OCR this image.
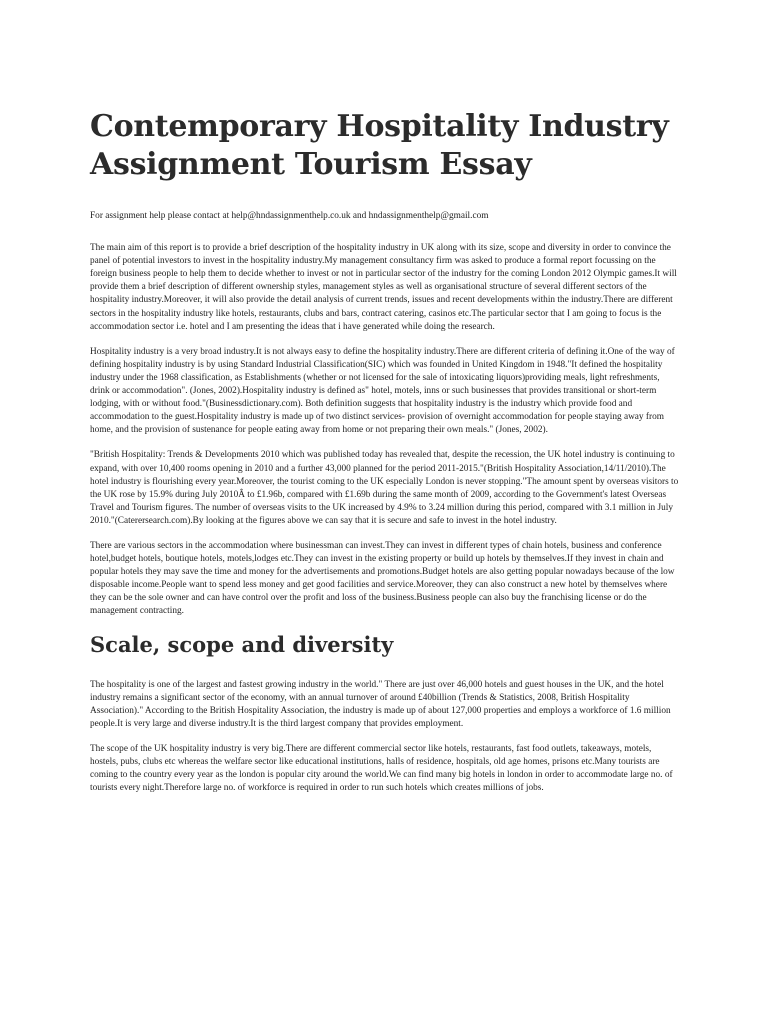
Contemporary Hospitality Industry Assignment Tourism Essay

For assignment help please contact at help@hndassignmenthelp.co.uk and hndassignmenthelp@gmail.com

The main aim of this report is to provide a brief description of the hospitality industry in UK along with its size, scope and diversity in order to convince the panel of potential investors to invest in the hospitality industry.My management consultancy firm was asked to produce a formal report focussing on the foreign business people to help them to decide whether to invest or not in particular sector of the industry for the coming London 2012 Olympic games.It will provide them a brief description of different ownership styles, management styles as well as organisational structure of several different sectors of the hospitality industry.Moreover, it will also provide the detail analysis of current trends, issues and recent developments within the industry.There are different sectors in the hospitality industry like hotels, restaurants, clubs and bars, contract catering, casinos etc.The particular sector that I am going to focus is the accommodation sector i.e. hotel and I am presenting the ideas that i have generated while doing the research.

Hospitality industry is a very broad industry.It is not always easy to define the hospitality industry.There are different criteria of defining it.One of the way of defining hospitality industry is by using Standard Industrial Classification(SIC) which was founded in United Kingdom in 1948."It defined the hospitality industry under the 1968 classification, as Establishments (whether or not licensed for the sale of intoxicating liquors)providing meals, light refreshments, drink or accommodation". (Jones, 2002).Hospitality industry is defined as" hotel, motels, inns or such businesses that provides transitional or short-term lodging, with or without food."(Businessdictionary.com). Both definition suggests that hospitality industry is the industry which provide food and accommodation to the guest.Hospitality industry is made up of two distinct services- provision of overnight accommodation for people staying away from home, and the provision of sustenance for people eating away from home or not preparing their own meals." (Jones, 2002).

"British Hospitality: Trends & Developments 2010 which was published today has revealed that, despite the recession, the UK hotel industry is continuing to expand, with over 10,400 rooms opening in 2010 and a further 43,000 planned for the period 2011-2015."(British Hospitality Association,14/11/2010).The hotel industry is flourishing every year.Moreover, the tourist coming to the UK especially London is never stopping."The amount spent by overseas visitors to the UK rose by 15.9% during July 2010Â to £1.96b, compared with £1.69b during the same month of 2009, according to the Government's latest Overseas Travel and Tourism figures. The number of overseas visits to the UK increased by 4.9% to 3.24 million during this period, compared with 3.1 million in July 2010."(Caterersearch.com).By looking at the figures above we can say that it is secure and safe to invest in the hotel industry.

There are various sectors in the accommodation where businessman can invest.They can invest in different types of chain hotels, business and conference hotel,budget hotels, boutique hotels, motels,lodges etc.They can invest in the existing property or build up hotels by themselves.If they invest in chain and popular hotels they may save the time and money for the advertisements and promotions.Budget hotels are also getting popular nowadays because of the low disposable income.People want to spend less money and get good facilities and service.Moreover, they can also construct a new hotel by themselves where they can be the sole owner and can have control over the profit and loss of the business.Business people can also buy the franchising license or do the management contracting.

Scale, scope and diversity

The hospitality is one of the largest and fastest growing industry in the world." There are just over 46,000 hotels and guest houses in the UK, and the hotel industry remains a significant sector of the economy, with an annual turnover of around £40billion (Trends & Statistics, 2008, British Hospitality Association)." According to the British Hospitality Association, the industry is made up of about 127,000 properties and employs a workforce of 1.6 million people.It is very large and diverse industry.It is the third largest company that provides employment.

The scope of the UK hospitality industry is very big.There are different commercial sector like hotels, restaurants, fast food outlets, takeaways, motels, hostels, pubs, clubs etc whereas the welfare sector like educational institutions, halls of residence, hospitals, old age homes, prisons etc.Many tourists are coming to the country every year as the london is popular city around the world.We can find many big hotels in london in order to accommodate large no. of tourists every night.Therefore large no. of workforce is required in order to run such hotels which creates millions of jobs.
